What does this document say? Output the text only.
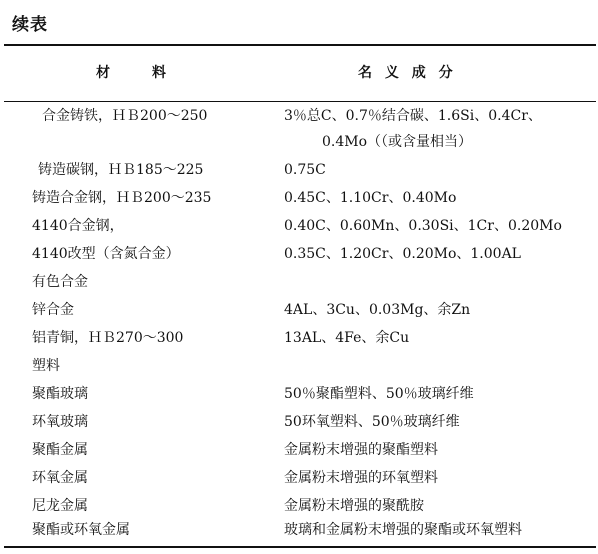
续表
材　　　料	名 义 成 分
合金铸铁，ＨＢ200～250	3％总C、0.7％结合碳、1.6Si、0.4Cr、
0.4Mo（（或含量相当）
铸造碳钢，ＨＢ185～225	0.75C
铸造合金钢，ＨＢ200～235	0.45C、1.10Cr、0.40Mo
4140合金钢，	0.40C、0.60Mn、0.30Si、1Cr、0.20Mo
4140改型（含氮合金）	0.35C、1.20Cr、0.20Mo、1.00AL
有色合金
锌合金	4AL、3Cu、0.03Mg、余Zn
铝青铜，ＨＢ270～300	13AL、4Fe、余Cu
塑料
聚酯玻璃	50％聚酯塑料、50％玻璃纤维
环氧玻璃	50环氧塑料、50％玻璃纤维
聚酯金属	金属粉末增强的聚酯塑料
环氧金属	金属粉末增强的环氧塑料
尼龙金属	金属粉末增强的聚酰胺
聚酯或环氧金属	玻璃和金属粉末增强的聚酯或环氧塑料
